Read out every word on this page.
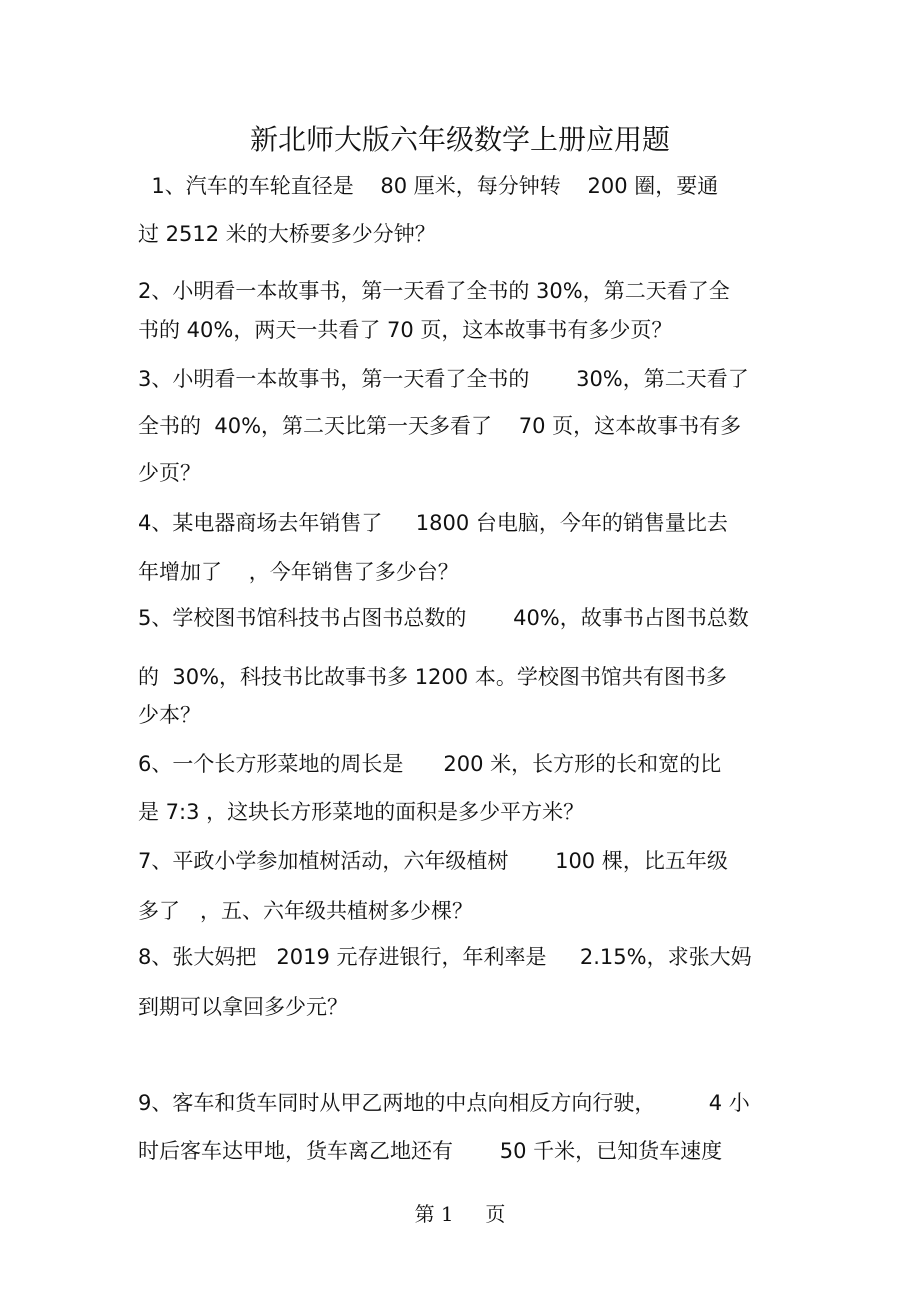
新北师大版六年级数学上册应用题
1、汽车的车轮直径是    80 厘米，每分钟转    200 圈，要通
过 2512 米的大桥要多少分钟？
2、小明看一本故事书，第一天看了全书的 30%，第二天看了全
书的 40%，两天一共看了 70 页，这本故事书有多少页？
3、小明看一本故事书，第一天看了全书的       30%，第二天看了
全书的  40%，第二天比第一天多看了    70 页，这本故事书有多
少页？
4、某电器商场去年销售了     1800 台电脑，今年的销售量比去
年增加了    ，今年销售了多少台？
5、学校图书馆科技书占图书总数的       40%，故事书占图书总数
的  30%，科技书比故事书多 1200 本。学校图书馆共有图书多
少本？
6、一个长方形菜地的周长是      200 米，长方形的长和宽的比
是 7:3 ，这块长方形菜地的面积是多少平方米？
7、平政小学参加植树活动，六年级植树       100 棵，比五年级
多了   ，五、六年级共植树多少棵？
8、张大妈把   2019 元存进银行，年利率是     2.15%，求张大妈
到期可以拿回多少元？
9、客车和货车同时从甲乙两地的中点向相反方向行驶，        4 小
时后客车达甲地，货车离乙地还有       50 千米，已知货车速度
第 1     页
